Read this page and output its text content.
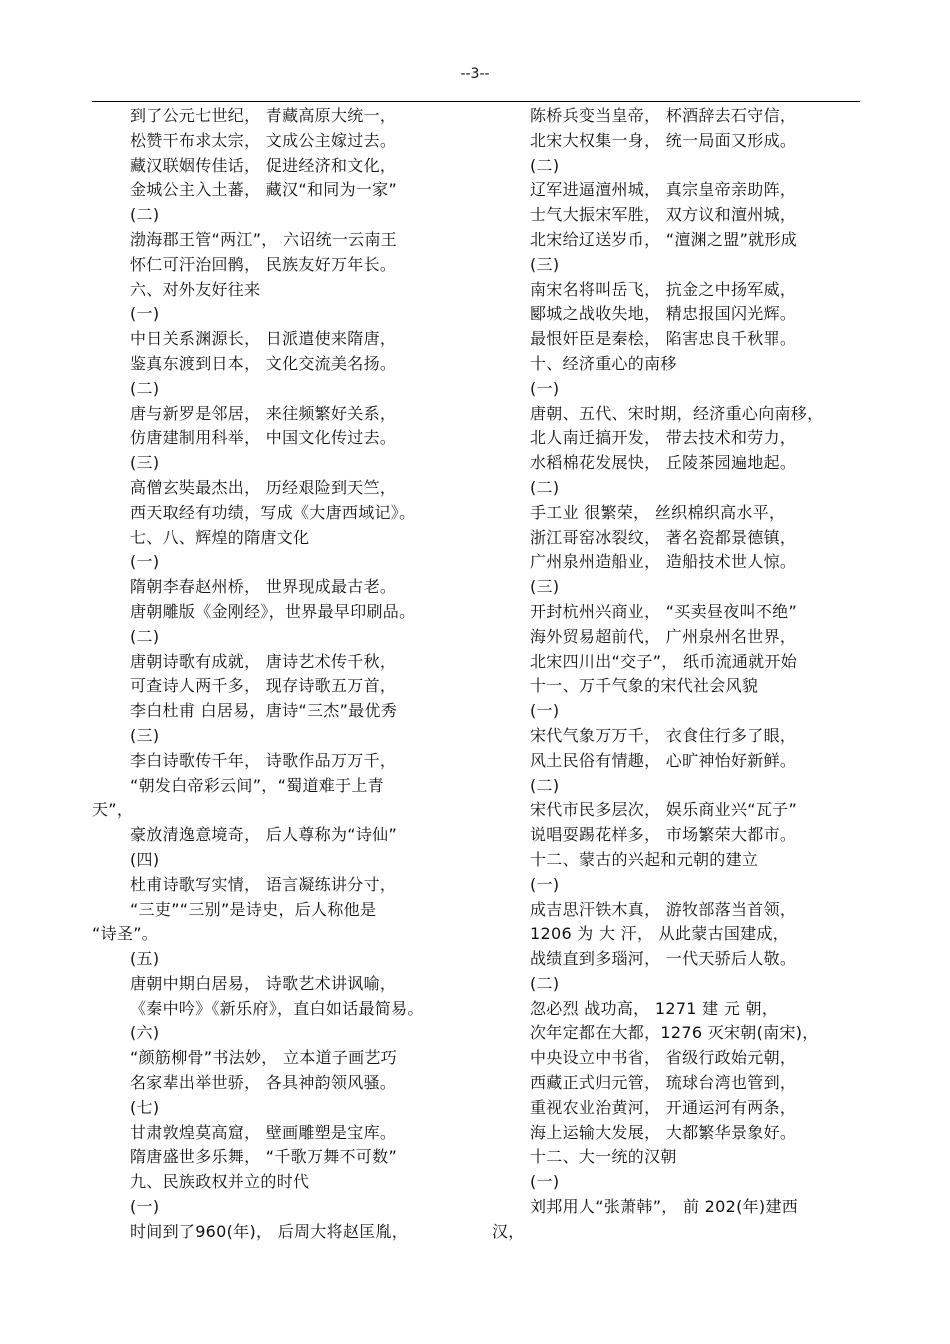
--3--
到了公元七世纪， 青藏高原大统一，
松赞干布求太宗， 文成公主嫁过去。
藏汉联姻传佳话， 促进经济和文化，
金城公主入土蕃， 藏汉“和同为一家”
(二)
渤海郡王管“两江”， 六诏统一云南王
怀仁可汗治回鹘， 民族友好万年长。
六、对外友好往来
(一)
中日关系渊源长， 日派遣使来隋唐，
鉴真东渡到日本， 文化交流美名扬。
(二)
唐与新罗是邻居， 来往频繁好关系，
仿唐建制用科举， 中国文化传过去。
(三)
高僧玄奘最杰出， 历经艰险到天竺，
西天取经有功绩，写成《大唐西域记》。
七、八、辉煌的隋唐文化
(一)
隋朝李春赵州桥， 世界现成最古老。
唐朝雕版《金刚经》，世界最早印刷品。
(二)
唐朝诗歌有成就， 唐诗艺术传千秋，
可查诗人两千多， 现存诗歌五万首，
李白杜甫 白居易，唐诗“三杰”最优秀
(三)
李白诗歌传千年， 诗歌作品万万千，
“朝发白帝彩云间”，“蜀道难于上青
天”，
豪放清逸意境奇， 后人尊称为“诗仙”
(四)
杜甫诗歌写实情， 语言凝练讲分寸，
“三吏”“三别”是诗史，后人称他是
“诗圣”。
(五)
唐朝中期白居易， 诗歌艺术讲讽喻，
《秦中吟》《新乐府》，直白如话最简易。
(六)
“颜筋柳骨”书法妙， 立本道子画艺巧
名家辈出举世骄， 各具神韵领风骚。
(七)
甘肃敦煌莫高窟， 壁画雕塑是宝库。
隋唐盛世多乐舞， “千歌万舞不可数”
九、民族政权并立的时代
(一)
时间到了960(年)， 后周大将赵匡胤，
陈桥兵变当皇帝， 杯酒辞去石守信，
北宋大权集一身， 统一局面又形成。
(二)
辽军进逼澶州城， 真宗皇帝亲助阵，
士气大振宋军胜， 双方议和澶州城，
北宋给辽送岁币， “澶渊之盟”就形成
(三)
南宋名将叫岳飞， 抗金之中扬军威，
郾城之战收失地， 精忠报国闪光辉。
最恨奸臣是秦桧， 陷害忠良千秋罪。
十、经济重心的南移
(一)
唐朝、五代、宋时期，经济重心向南移，
北人南迁搞开发， 带去技术和劳力，
水稻棉花发展快， 丘陵茶园遍地起。
(二)
手工业 很繁荣， 丝织棉织高水平，
浙江哥窑冰裂纹， 著名瓷都景德镇，
广州泉州造船业， 造船技术世人惊。
(三)
开封杭州兴商业， “买卖昼夜叫不绝”
海外贸易超前代， 广州泉州名世界，
北宋四川出“交子”， 纸币流通就开始
十一、万千气象的宋代社会风貌
(一)
宋代气象万万千， 衣食住行多了眼，
风土民俗有情趣， 心旷神怡好新鲜。
(二)
宋代市民多层次， 娱乐商业兴“瓦子”
说唱耍踢花样多， 市场繁荣大都市。
十二、蒙古的兴起和元朝的建立
(一)
成吉思汗铁木真， 游牧部落当首领，
1206 为 大 汗， 从此蒙古国建成，
战绩直到多瑙河， 一代天骄后人敬。
(二)
忽必烈 战功高， 1271 建 元 朝，
次年定都在大都，1276 灭宋朝(南宋)，
中央设立中书省， 省级行政始元朝，
西藏正式归元管， 琉球台湾也管到，
重视农业治黄河， 开通运河有两条，
海上运输大发展， 大都繁华景象好。
十二、大一统的汉朝
(一)
刘邦用人“张萧韩”， 前 202(年)建西
汉，
